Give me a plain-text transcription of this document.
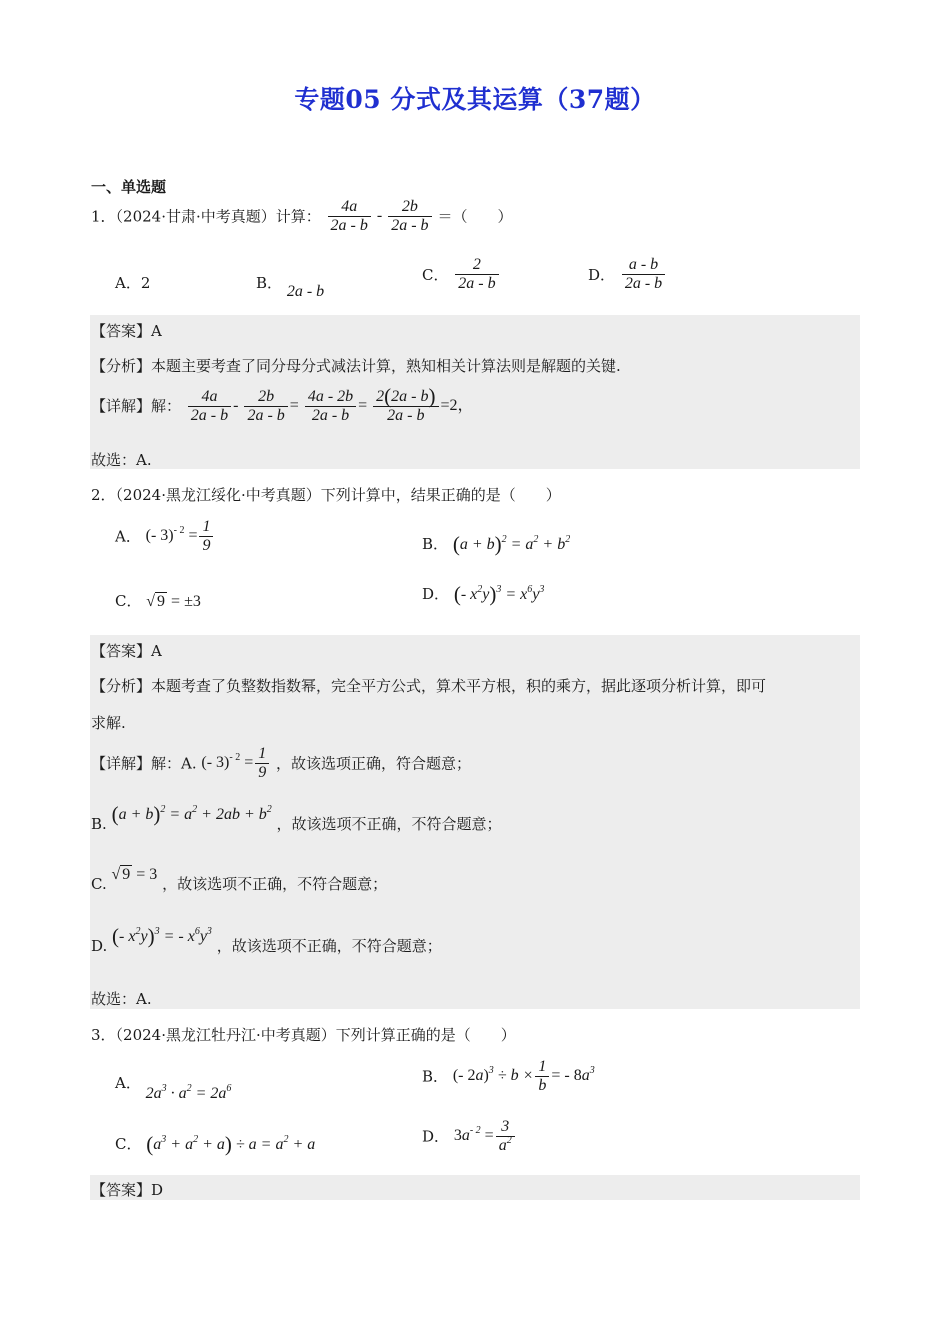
专题05 分式及其运算（37题）
一、单选题
1．（2024·甘肃·中考真题）计算： $\frac{4a}{2a - b} - \frac{2b}{2a - b}$ ＝（　　）
A．2	B． 2a - b
C． $\frac{2}{2a - b}$	D． $\frac{a - b}{2a - b}$
【答案】A
【分析】本题主要考查了同分母分式减法计算，熟知相关计算法则是解题的关键.
【详解】解： $\frac{4a}{2a - b} - \frac{2b}{2a - b} = \frac{4a - 2b}{2a - b} = \frac{2(2a - b)}{2a - b} =2$，
故选：A.
2．（2024·黑龙江绥化·中考真题）下列计算中，结果正确的是（　　）
A． (- $3)^{- 2} = \frac{1}{9}$	B． $(a + b)^2 = a^2 + b^2$
C． √ 9 = ±3	D． (- $x^2y)^3 = x^6y^3$
【答案】A
【分析】本题考查了负整数指数幂，完全平方公式，算术平方根，积的乘方，据此逐项分析计算，即可
求解.
【详解】解：A. (- $3)^{- 2} = \frac{1}{9}$ ，故该选项正确，符合题意；
B. $(a + b)^2 = a^2 + 2ab + b^2$ ，故该选项不正确，不符合题意；
C. √ 9 = 3 ，故该选项不正确，不符合题意；
D. (- $x^2y)^3$ = - $x^6y^3$ ，故该选项不正确，不符合题意；
故选：A.
3．（2024·黑龙江牡丹江·中考真题）下列计算正确的是（　　）
A． $2a^3 \cdot a^2 = 2a^6$
B． (- $2a)^3 \div b \times \frac{1}{b}$ = - $8a^3$
C． $(a^3 + a^2 + a) \div a = a^2 + a$	D． $3a^{- 2} = \frac{3}{a^2}$
【答案】D
